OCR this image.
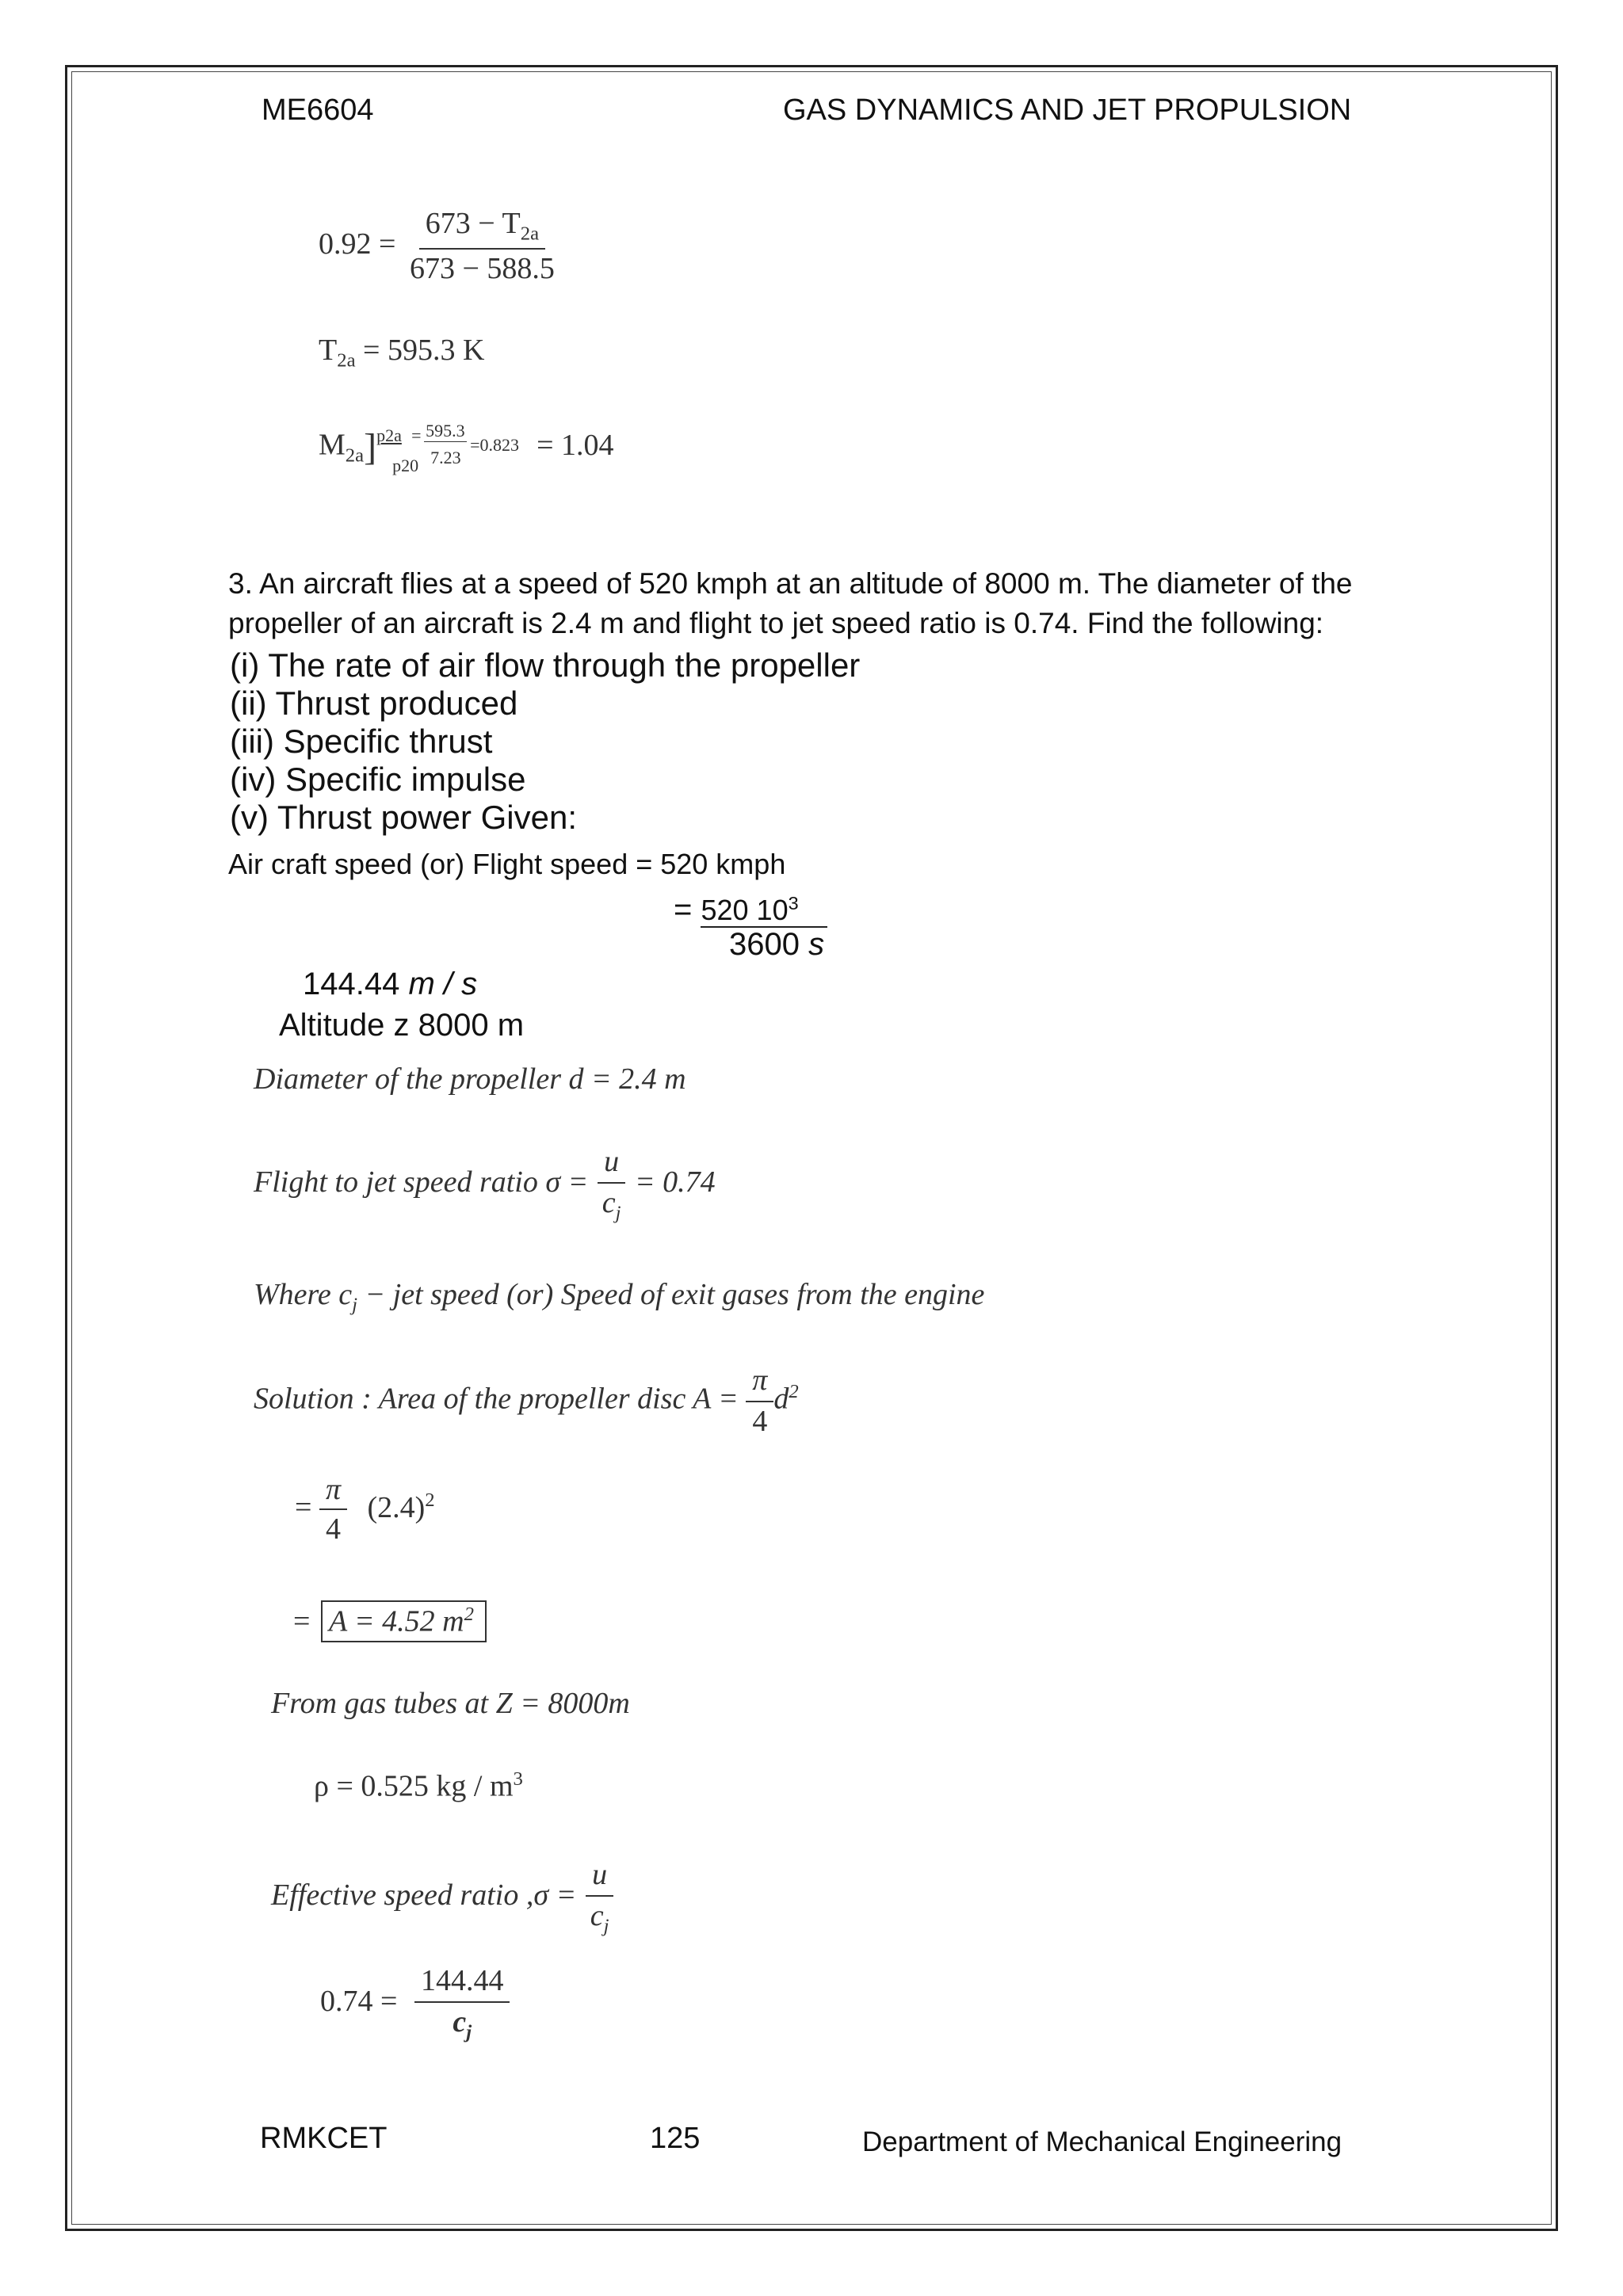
ME6604	GAS DYNAMICS AND JET PROPULSION
$0.92 = \frac{673 - T_{2a}}{673 - 588.5}$
$T_{2a} = 595.3$ K
$M_{2a}$] p2a = 595.3
7.23
=0.823
p20
= 1.04
3. An aircraft flies at a speed of 520 kmph at an altitude of 8000 m. The diameter of the
propeller of an aircraft is 2.4 m and flight to jet speed ratio is 0.74. Find the following:
(i) The rate of air flow through the propeller
(ii) Thrust produced
(iii) Specific thrust
(iv) Specific impulse
(v) Thrust power Given:
Air craft speed (or) Flight speed = 520 kmph
= 520 $10^3$
3600 s
144.44 m / s
Altitude z 8000 m
Diameter of the propeller d = 2.4 m
Flight to jet speed ratio $\sigma = \frac{u}{c_j} = 0.74$
Where $c_j$ − jet speed (or) Speed of exit gases from the engine
Solution : Area of the propeller disc $A = \frac{\pi}{4} d^2$
= $\frac{\pi}{4} (2.4)^2$
= A = 4.52 $m^2$
From gas tubes at Z = 8000m
ρ = 0.525 kg / $m^3$
Effective speed ratio $,\sigma = \frac{u}{c_j}$
$0.74 = \frac{144.44}{c_j}$
RMKCET	125	Department of Mechanical Engineering
